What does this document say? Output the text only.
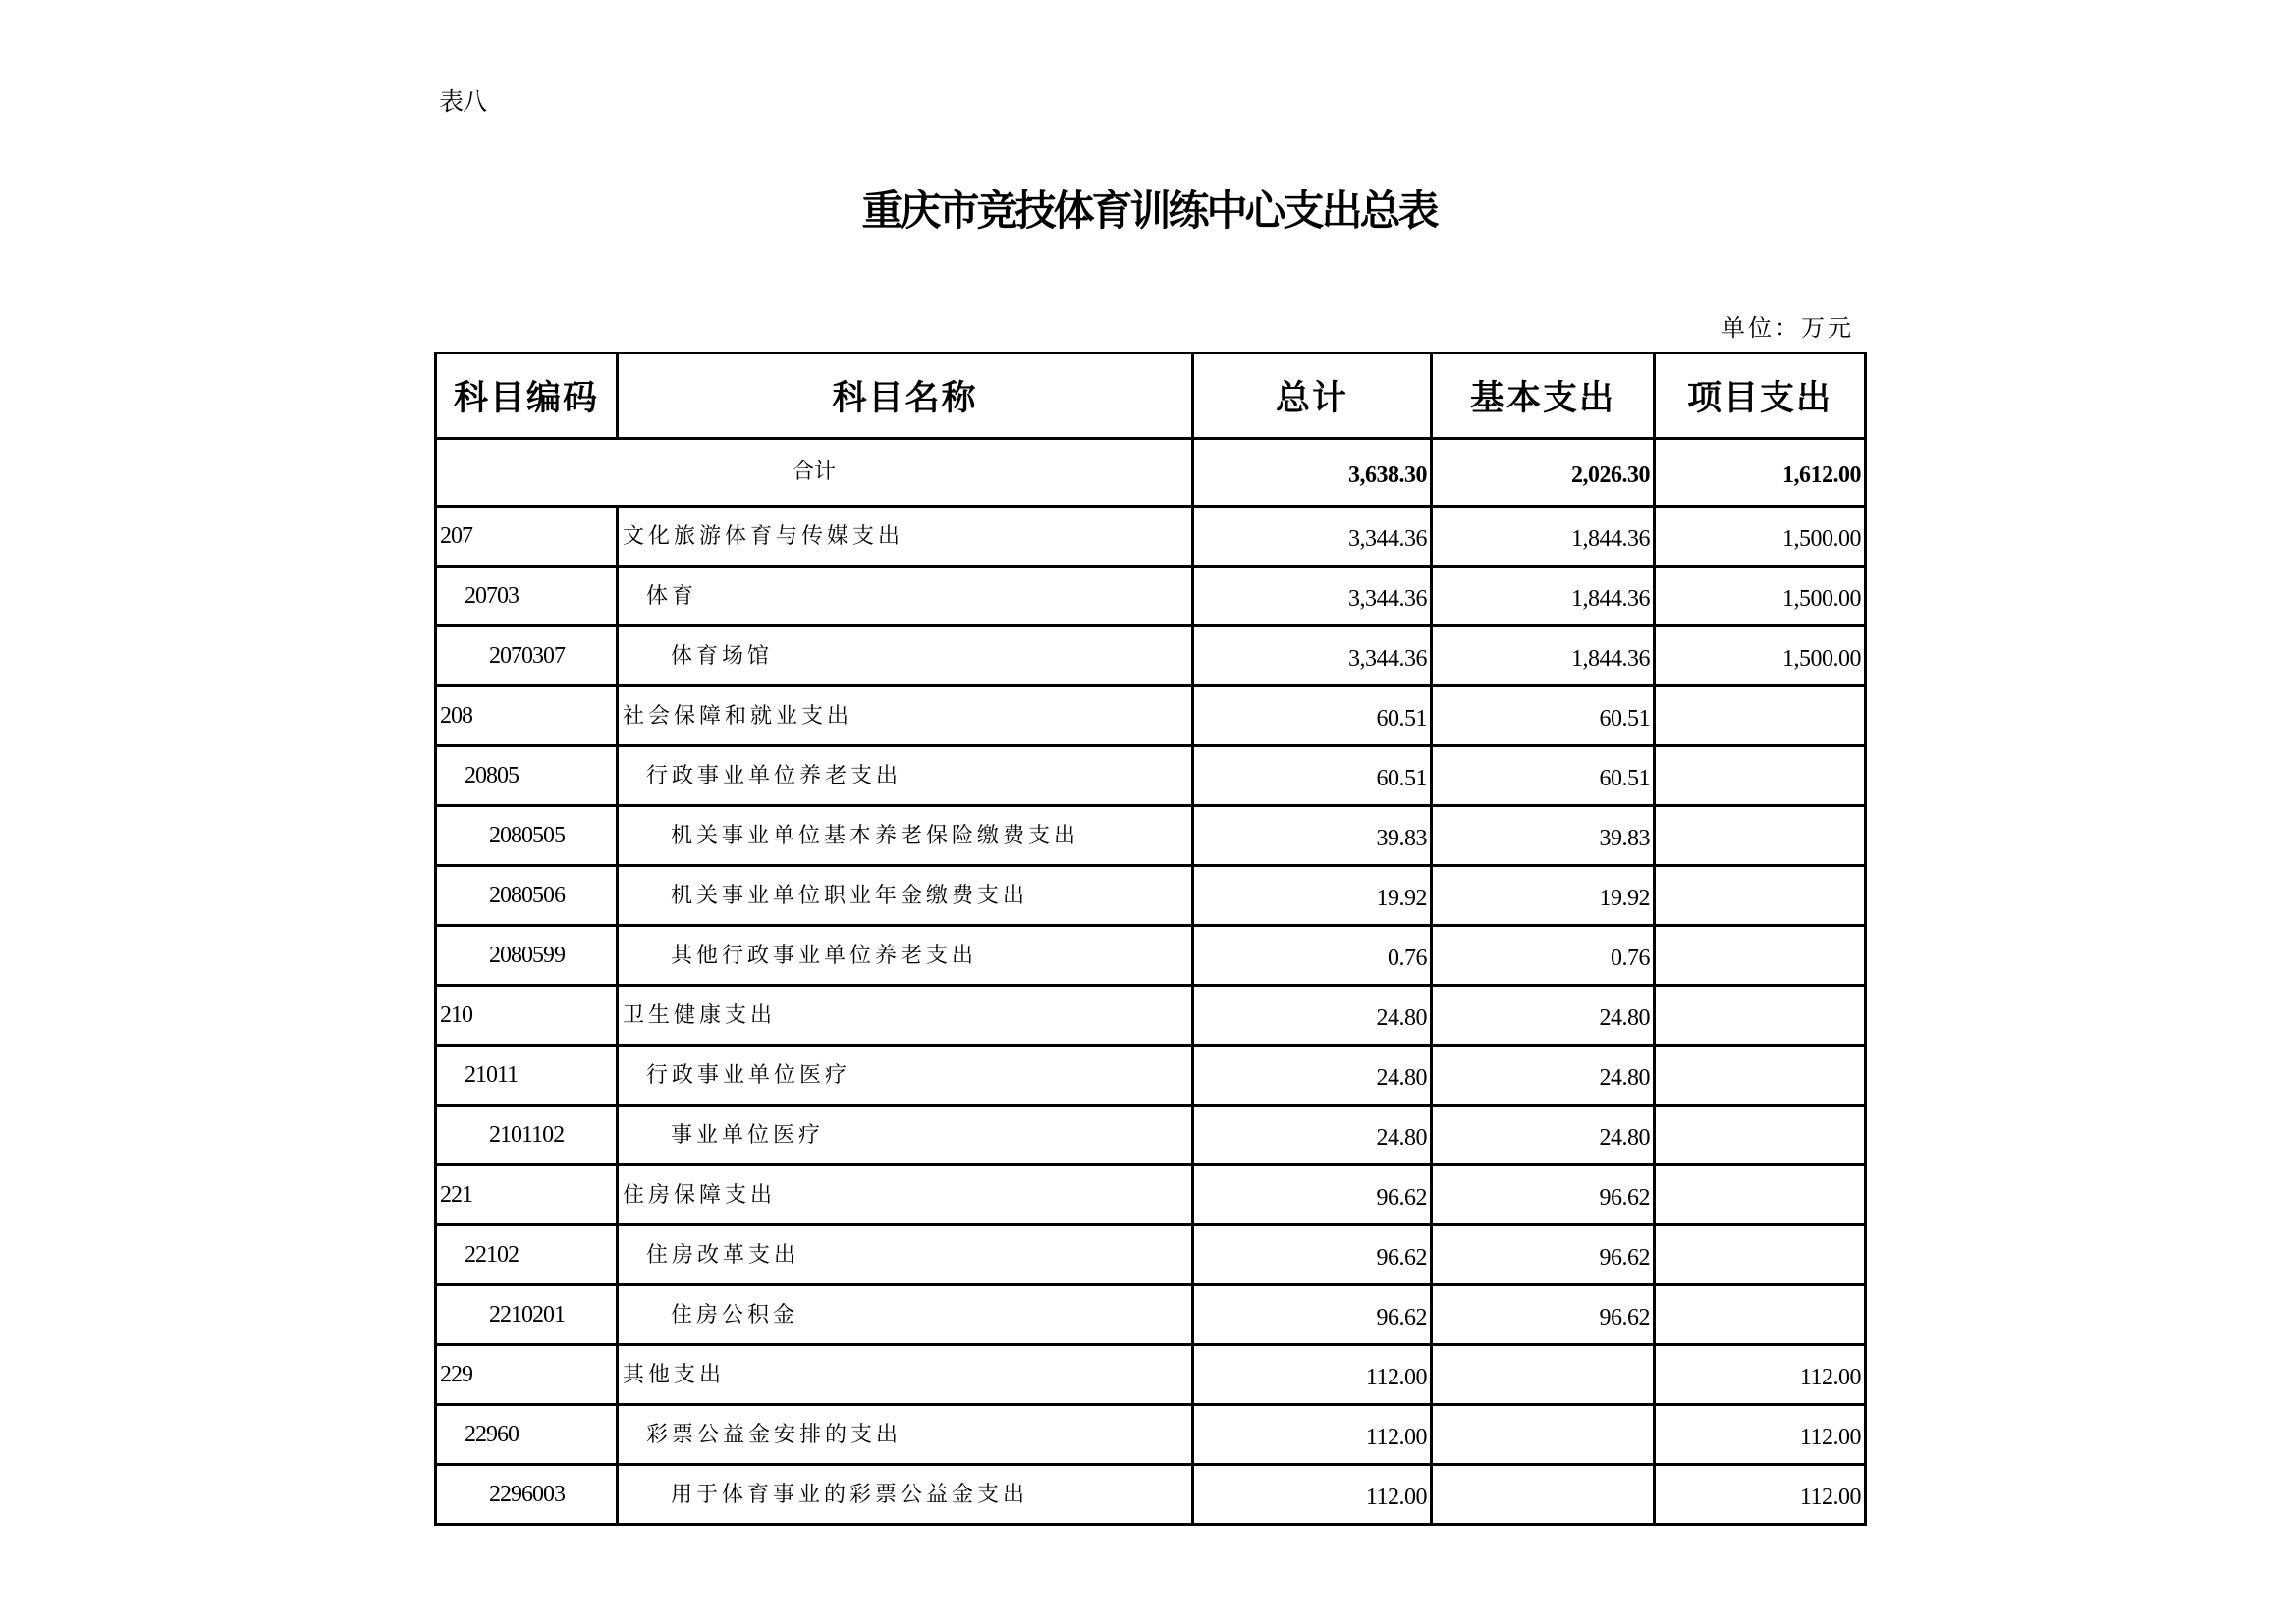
表八
重庆市竞技体育训练中心支出总表
单位：万元
科目编码	科目名称	总计	基本支出	项目支出
合计		3,638.30	2,026.30	1,612.00
207	文化旅游体育与传媒支出	3,344.36	1,844.36	1,500.00
20703	体育	3,344.36	1,844.36	1,500.00
2070307	体育场馆	3,344.36	1,844.36	1,500.00
208	社会保障和就业支出	60.51	60.51	
20805	行政事业单位养老支出	60.51	60.51	
2080505	机关事业单位基本养老保险缴费支出	39.83	39.83	
2080506	机关事业单位职业年金缴费支出	19.92	19.92	
2080599	其他行政事业单位养老支出	0.76	0.76	
210	卫生健康支出	24.80	24.80	
21011	行政事业单位医疗	24.80	24.80	
2101102	事业单位医疗	24.80	24.80	
221	住房保障支出	96.62	96.62	
22102	住房改革支出	96.62	96.62	
2210201	住房公积金	96.62	96.62	
229	其他支出	112.00		112.00
22960	彩票公益金安排的支出	112.00		112.00
2296003	用于体育事业的彩票公益金支出	112.00		112.00
